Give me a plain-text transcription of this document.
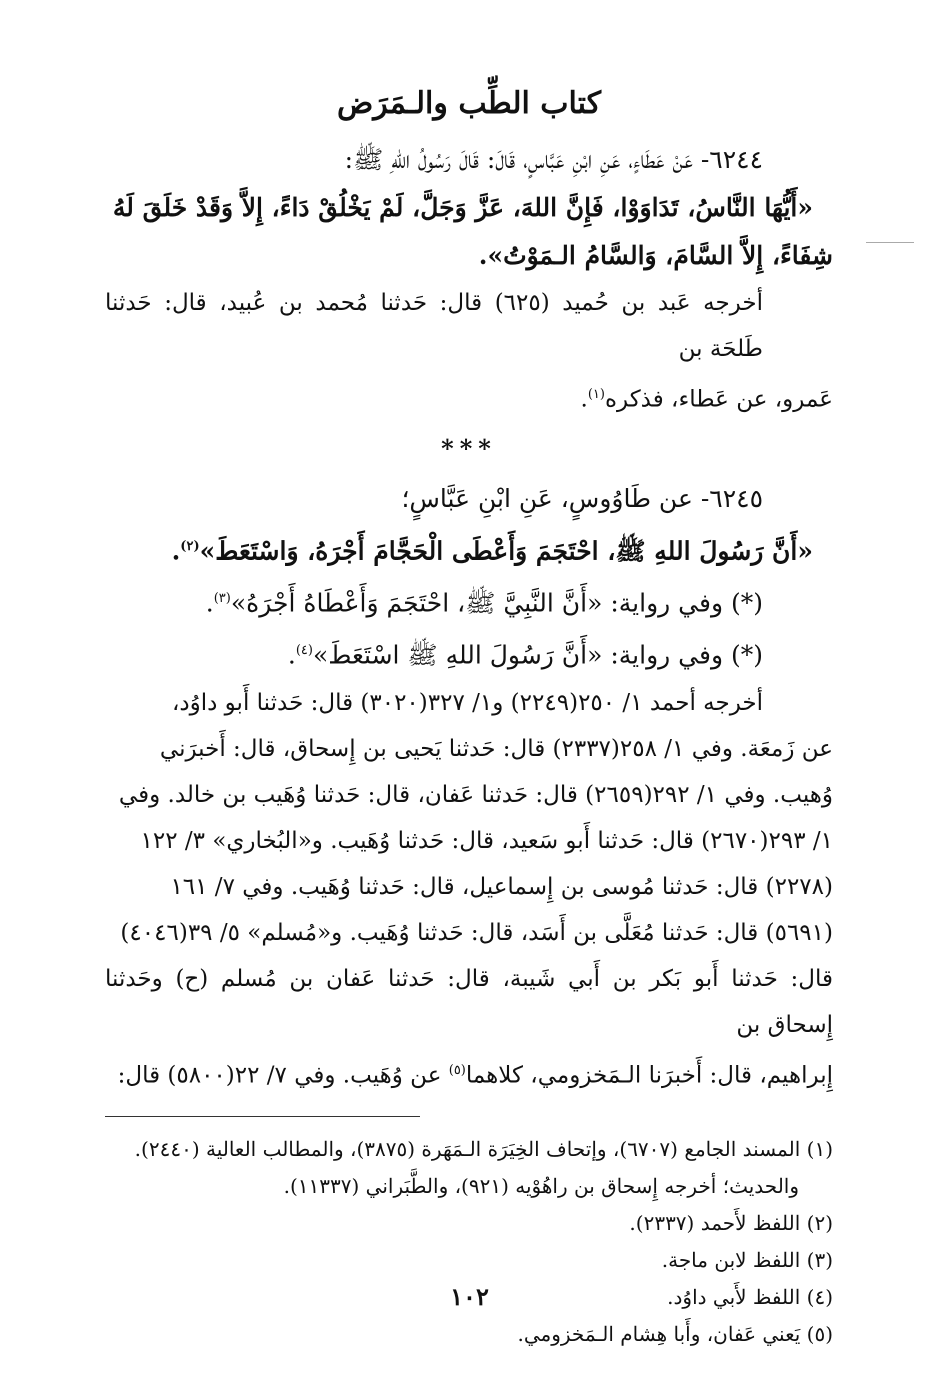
كتاب الطِّب والـمَرَض
٦٢٤٤- عَنْ عَطَاءٍ، عَنِ ابْنِ عَبَّاسٍ، قَالَ: قَالَ رَسُولُ اللهِ ﷺ:
«أَيُّهَا النَّاسُ، تَدَاوَوْا، فَإِنَّ اللهَ، عَزَّ وَجَلَّ، لَمْ يَخْلُقْ دَاءً، إِلاَّ وَقَدْ خَلَقَ لَهُ
شِفَاءً، إِلاَّ السَّامَ، وَالسَّامُ الـمَوْتُ».
أخرجه عَبد بن حُميد (٦٢٥) قال: حَدثنا مُحمد بن عُبيد، قال: حَدثنا طَلحَة بن
عَمرو، عن عَطاء، فذكره$^{(١)}$.
***
٦٢٤٥- عن طَاوُوسٍ، عَنِ ابْنِ عَبَّاسٍ؛
«أَنَّ رَسُولَ اللهِ ﷺ، احْتَجَمَ وَأَعْطَى الْحَجَّامَ أَجْرَهُ، وَاسْتَعَطَ»$^{(٢)}$.
(*) وفي رواية: «أَنَّ النَّبِيَّ ﷺ، احْتَجَمَ وَأَعْطَاهُ أَجْرَهُ»$^{(٣)}$.
(*) وفي رواية: «أَنَّ رَسُولَ اللهِ ﷺ اسْتَعَطَ»$^{(٤)}$.
أخرجه أحمد ١/ ٢٥٠(٢٢٤٩) و١/ ٣٢٧(٣٠٢٠) قال: حَدثنا أَبو داوُد،
عن زَمعَة. وفي ١/ ٢٥٨(٢٣٣٧) قال: حَدثنا يَحيى بن إِسحاق، قال: أَخبرَني
وُهيب. وفي ١/ ٢٩٢(٢٦٥٩) قال: حَدثنا عَفان، قال: حَدثنا وُهَيب بن خالد. وفي
١/ ٢٩٣(٢٦٧٠) قال: حَدثنا أَبو سَعيد، قال: حَدثنا وُهَيب. و«البُخاري» ٣/ ١٢٢
(٢٢٧٨) قال: حَدثنا مُوسى بن إِسماعيل، قال: حَدثنا وُهَيب. وفي ٧/ ١٦١
(٥٦٩١) قال: حَدثنا مُعَلَّى بن أَسَد، قال: حَدثنا وُهَيب. و«مُسلم» ٥/ ٣٩(٤٠٤٦)
قال: حَدثنا أَبو بَكر بن أَبي شَيبة، قال: حَدثنا عَفان بن مُسلم (ح) وحَدثنا إِسحاق بن
إِبراهيم، قال: أَخبرَنا الـمَخزومي، كلاهما$^{(٥)}$ عن وُهَيب. وفي ٧/ ٢٢(٥٨٠٠) قال:
(١) المسند الجامع (٦٧٠٧)، وإتحاف الخِيَرَة الـمَهَرة (٣٨٧٥)، والمطالب العالية (٢٤٤٠).
والحديث؛ أخرجه إِسحاق بن راهُوْيه (٩٢١)، والطَّبَراني (١١٣٣٧).
(٢) اللفظ لأَحمد (٢٣٣٧).
(٣) اللفظ لابن ماجة.
(٤) اللفظ لأَبي داوُد.
(٥) يَعني عَفان، وأَبا هِشام الـمَخزومي.
١٠٢
